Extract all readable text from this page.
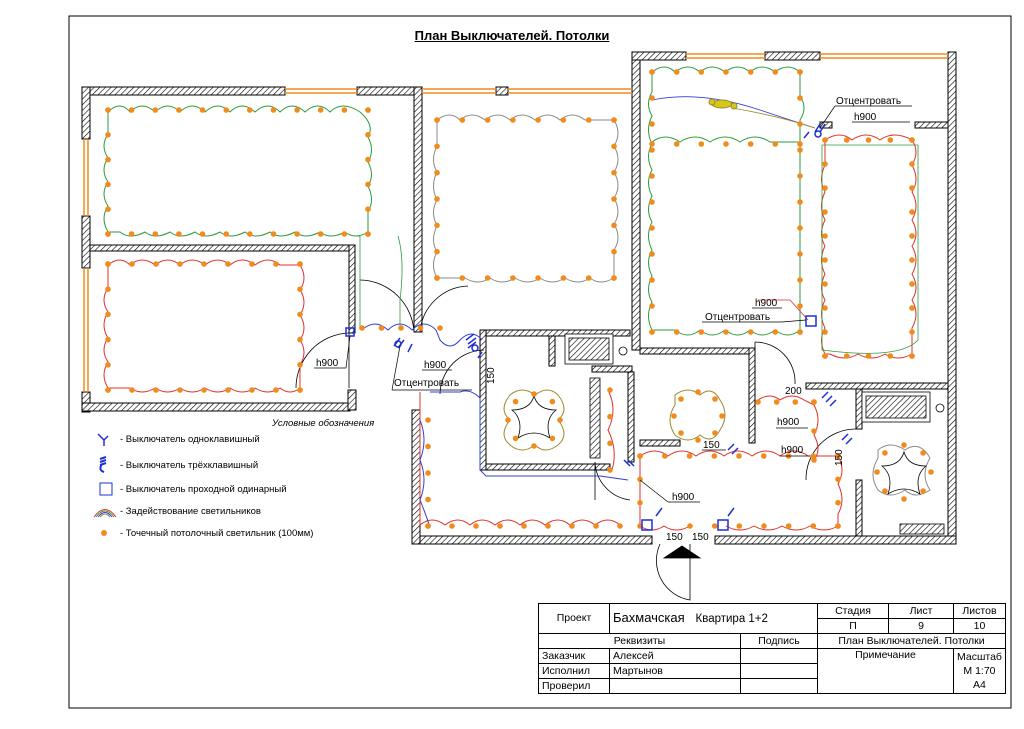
Отцентровать
h900
h900
Отцентровать
h900	h900
Отцентровать
h900
h900
h900
200
150
150 150
150
150
План Выключателей. Потолки
Условные обозначения
- Выключатель одноклавишный
- Выключатель трёхклавишный
- Выключатель проходной одинарный
- Задействование светильников
- Точечный потолочный светильник (100мм)
Проект	Бахмачская Квартира 1+2		Стадия	Лист	Листов
			П	9	10
Реквизиты		Подпись	План Выключателей. Потолки		
Заказчик	Алексей		Примечание		Масштаб
М 1:70
А4

Исполнил	Мартынов				
Проверил					
